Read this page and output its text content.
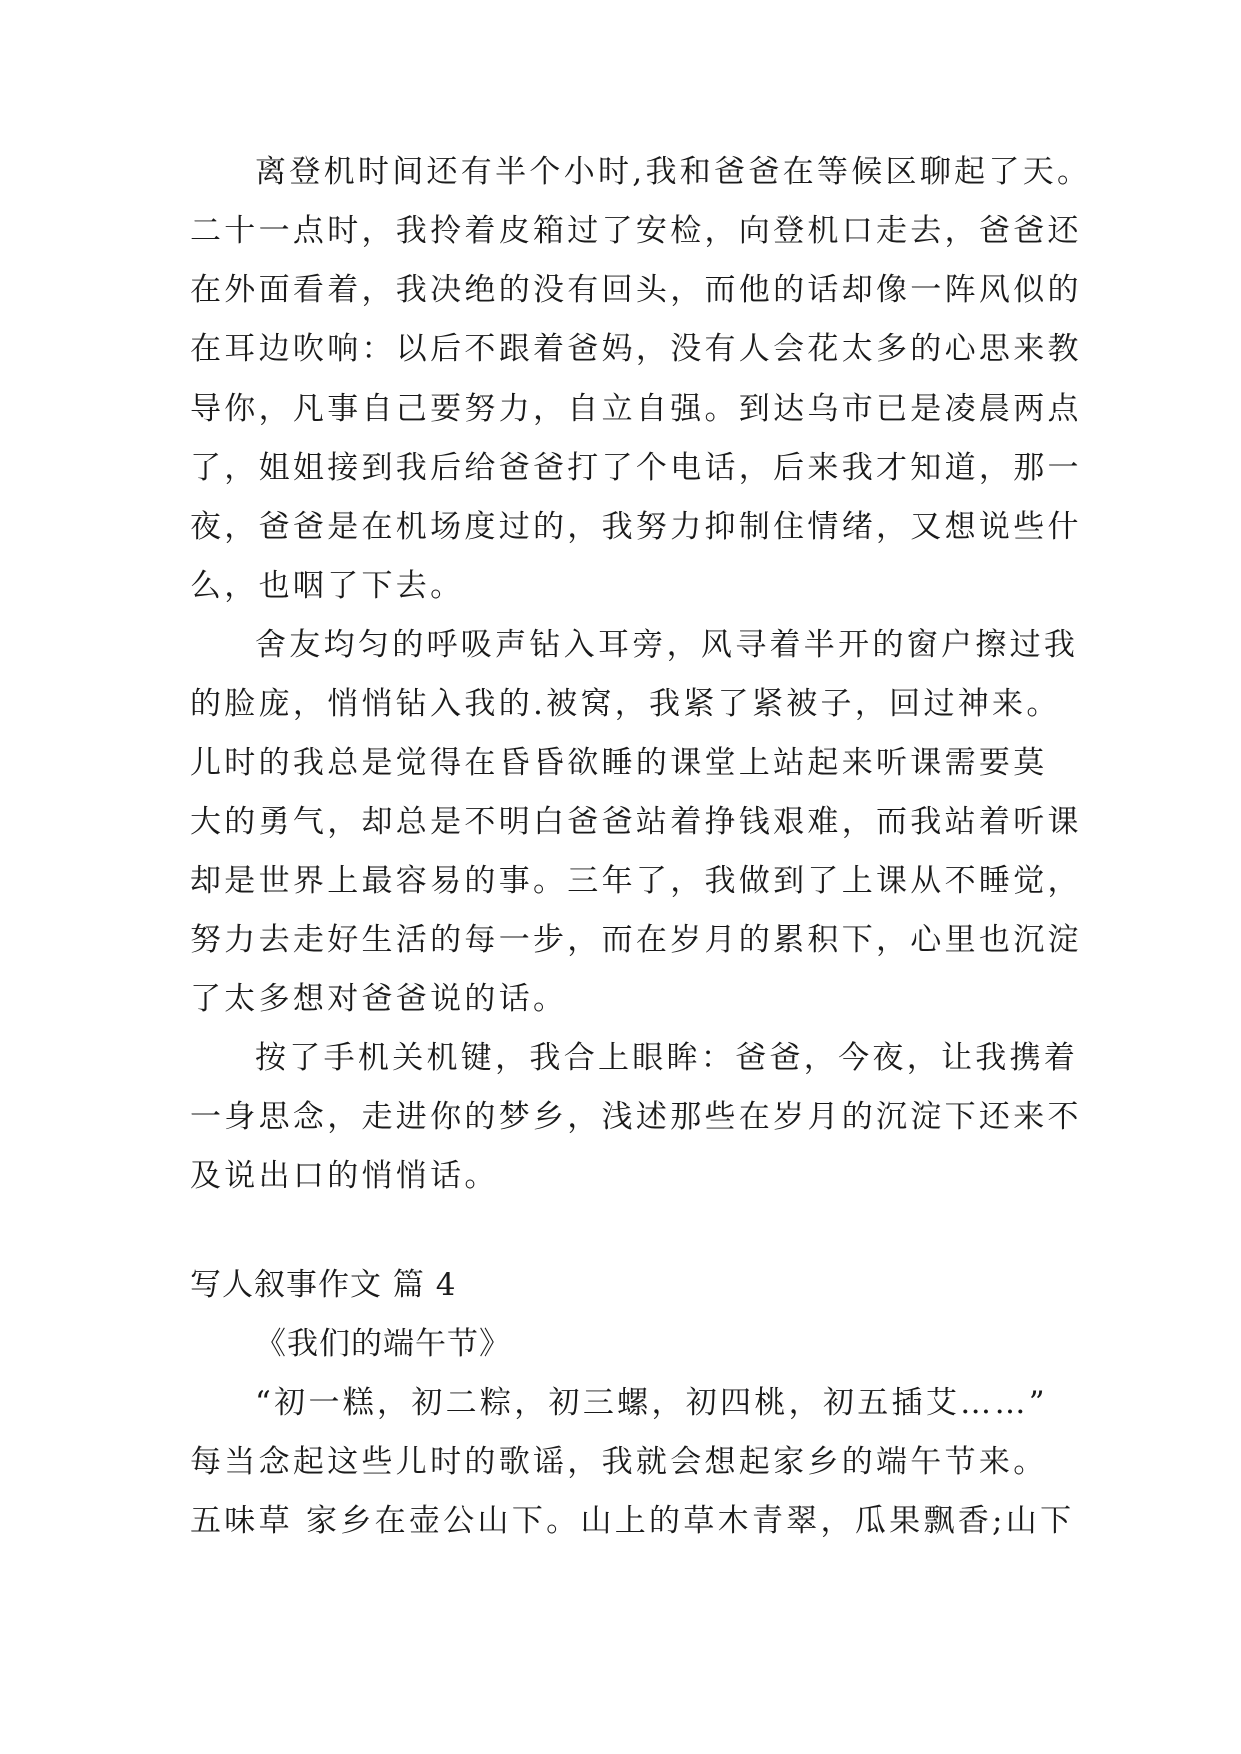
离登机时间还有半个小时,我和爸爸在等候区聊起了天。
二十一点时，我拎着皮箱过了安检，向登机口走去，爸爸还
在外面看着，我决绝的没有回头，而他的话却像一阵风似的
在耳边吹响：以后不跟着爸妈，没有人会花太多的心思来教
导你，凡事自己要努力，自立自强。到达乌市已是凌晨两点
了，姐姐接到我后给爸爸打了个电话，后来我才知道，那一
夜，爸爸是在机场度过的，我努力抑制住情绪，又想说些什
么，也咽了下去。
舍友均匀的呼吸声钻入耳旁，风寻着半开的窗户擦过我
的脸庞，悄悄钻入我的.被窝，我紧了紧被子，回过神来。
儿时的我总是觉得在昏昏欲睡的课堂上站起来听课需要莫
大的勇气，却总是不明白爸爸站着挣钱艰难，而我站着听课
却是世界上最容易的事。三年了，我做到了上课从不睡觉，
努力去走好生活的每一步，而在岁月的累积下，心里也沉淀
了太多想对爸爸说的话。
按了手机关机键，我合上眼眸：爸爸，今夜，让我携着
一身思念，走进你的梦乡，浅述那些在岁月的沉淀下还来不
及说出口的悄悄话。
写人叙事作文 篇 4
《我们的端午节》
“初一糕，初二粽，初三螺，初四桃，初五插艾……”
每当念起这些儿时的歌谣，我就会想起家乡的端午节来。
五味草 家乡在壶公山下。山上的草木青翠，瓜果飘香;山下
